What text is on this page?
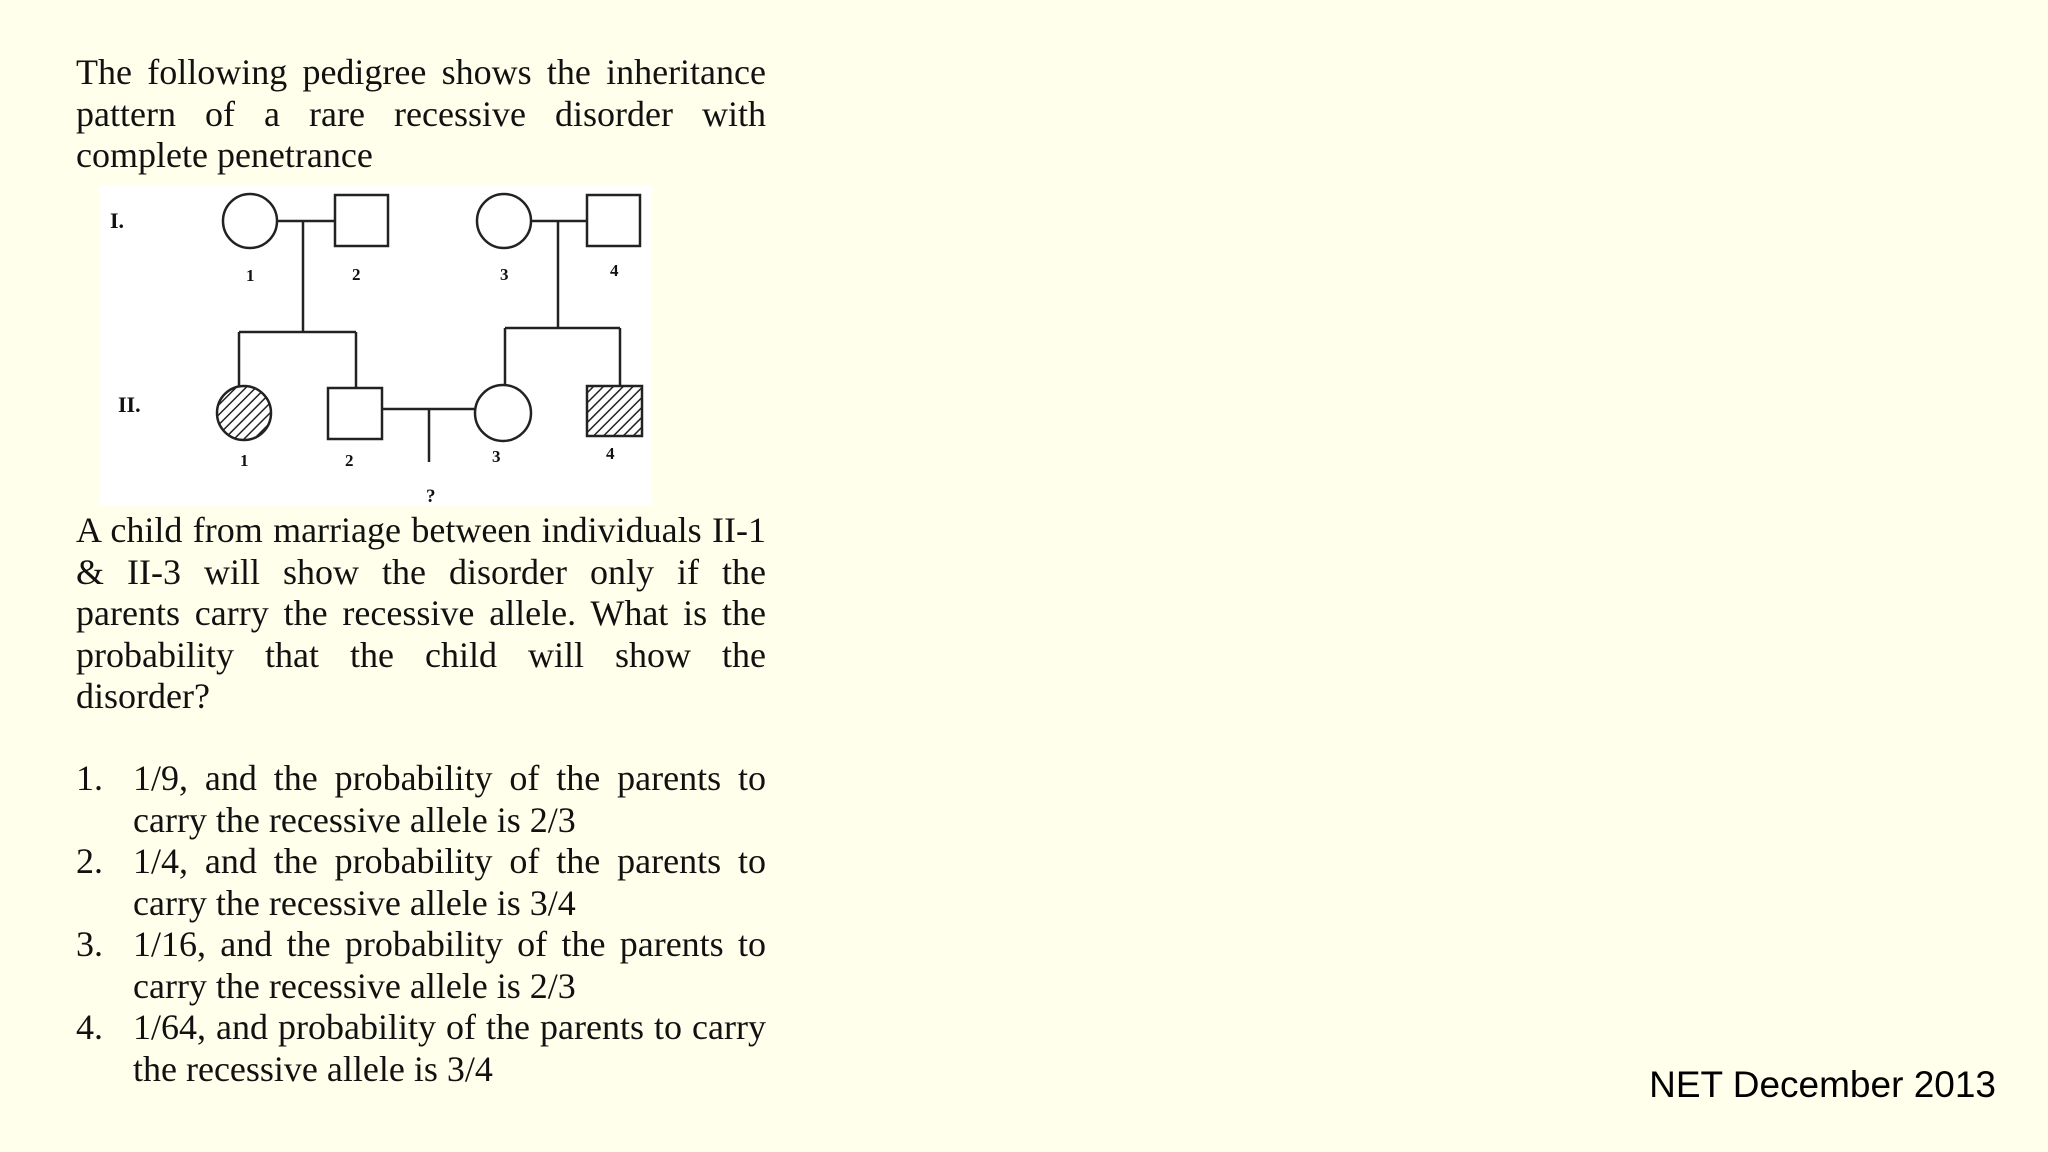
The following pedigree shows the inheritance pattern of a rare recessive disorder with complete penetrance

I.
II.
1	2	3	4
1	2	3	4
?

A child from marriage between individuals II-1 & II-3 will show the disorder only if the parents carry the recessive allele. What is the probability that the child will show the disorder?

1. 1/9, and the probability of the parents to carry the recessive allele is 2/3
2. 1/4, and the probability of the parents to carry the recessive allele is 3/4
3. 1/16, and the probability of the parents to carry the recessive allele is 2/3
4. 1/64, and probability of the parents to carry the recessive allele is 3/4	NET December 2013
